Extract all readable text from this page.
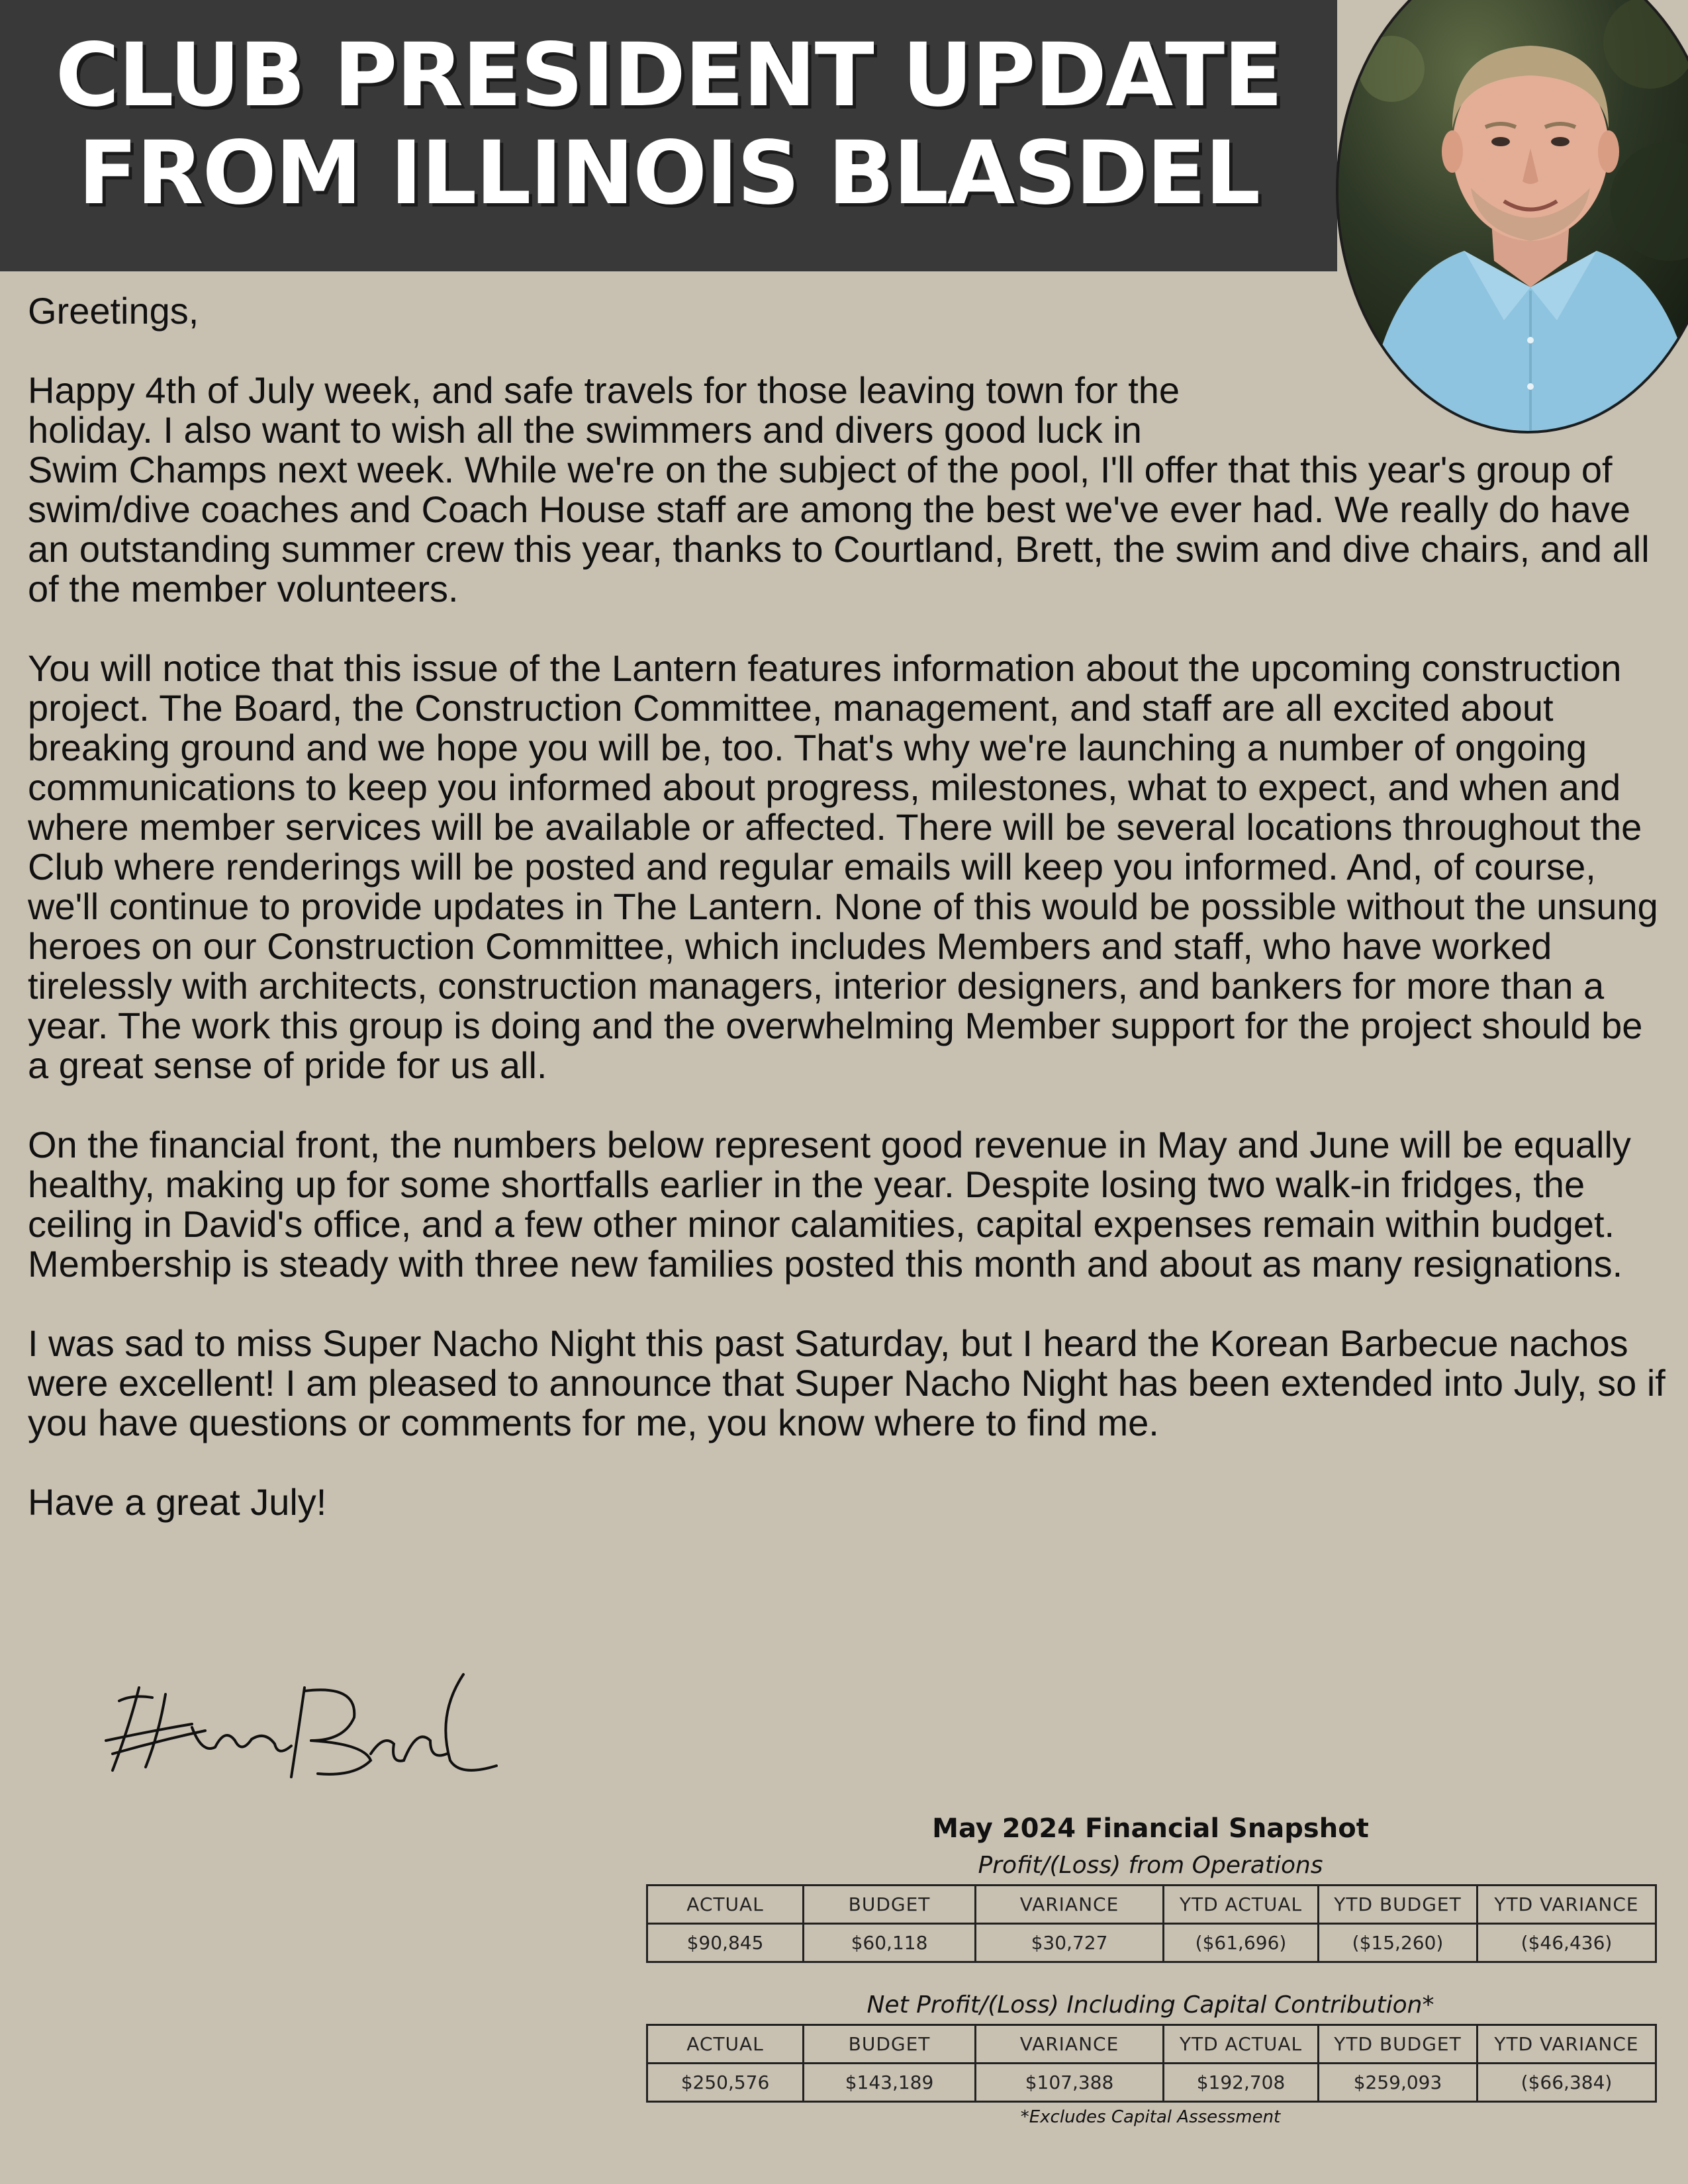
CLUB PRESIDENT UPDATE
FROM ILLINOIS BLASDEL

Greetings,

Happy 4th of July week, and safe travels for those leaving town for the holiday. I also want to wish all the swimmers and divers good luck in
Swim Champs next week. While we're on the subject of the pool, I'll offer that this year's group of swim/dive coaches and Coach House staff are among the best we've ever had. We really do have an outstanding summer crew this year, thanks to Courtland, Brett, the swim and dive chairs, and all of the member volunteers.

You will notice that this issue of the Lantern features information about the upcoming construction project. The Board, the Construction Committee, management, and staff are all excited about breaking ground and we hope you will be, too. That's why we're launching a number of ongoing communications to keep you informed about progress, milestones, what to expect, and when and where member services will be available or affected. There will be several locations throughout the Club where renderings will be posted and regular emails will keep you informed. And, of course, we'll continue to provide updates in The Lantern. None of this would be possible without the unsung heroes on our Construction Committee, which includes Members and staff, who have worked tirelessly with architects, construction managers, interior designers, and bankers for more than a year. The work this group is doing and the overwhelming Member support for the project should be a great sense of pride for us all.

On the financial front, the numbers below represent good revenue in May and June will be equally healthy, making up for some shortfalls earlier in the year. Despite losing two walk-in fridges, the ceiling in David's office, and a few other minor calamities, capital expenses remain within budget. Membership is steady with three new families posted this month and about as many resignations.

I was sad to miss Super Nacho Night this past Saturday, but I heard the Korean Barbecue nachos were excellent! I am pleased to announce that Super Nacho Night has been extended into July, so if you have questions or comments for me, you know where to find me.

Have a great July!

May 2024 Financial Snapshot
Profit/(Loss) from Operations
ACTUAL	BUDGET	VARIANCE	YTD ACTUAL	YTD BUDGET	YTD VARIANCE
$90,845	$60,118	$30,727	($61,696)	($15,260)	($46,436)
Net Profit/(Loss) Including Capital Contribution*
ACTUAL	BUDGET	VARIANCE	YTD ACTUAL	YTD BUDGET	YTD VARIANCE
$250,576	$143,189	$107,388	$192,708	$259,093	($66,384)
*Excludes Capital Assessment
